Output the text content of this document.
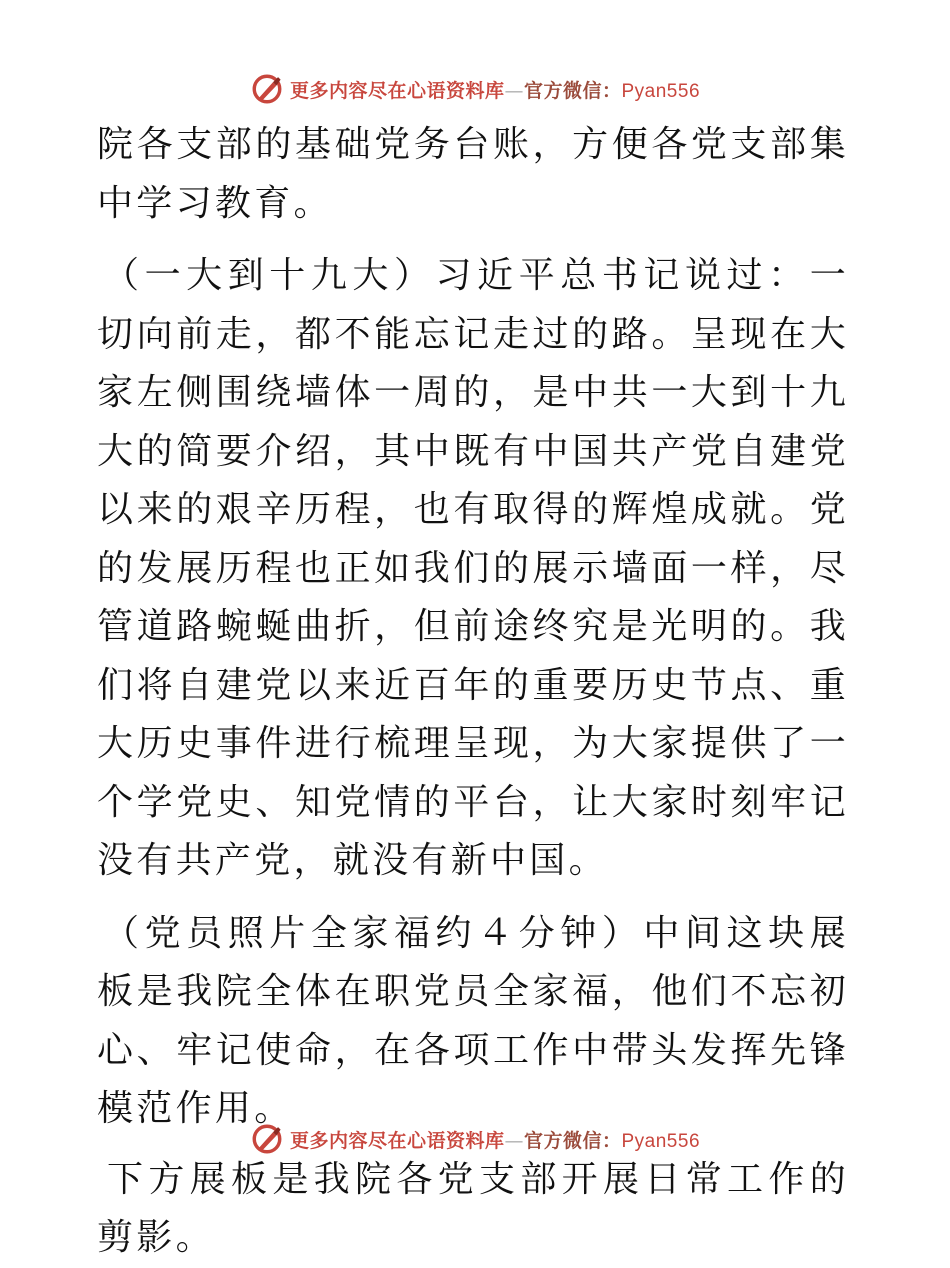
更多内容尽在心语资料库—官方微信：Pyan556

院各支部的基础党务台账，方便各党支部集中学习教育。

（一大到十九大）习近平总书记说过：一切向前走，都不能忘记走过的路。呈现在大家左侧围绕墙体一周的，是中共一大到十九大的简要介绍，其中既有中国共产党自建党以来的艰辛历程，也有取得的辉煌成就。党的发展历程也正如我们的展示墙面一样，尽管道路蜿蜒曲折，但前途终究是光明的。我们将自建党以来近百年的重要历史节点、重大历史事件进行梳理呈现，为大家提供了一个学党史、知党情的平台，让大家时刻牢记没有共产党，就没有新中国。

（党员照片全家福约４分钟）中间这块展板是我院全体在职党员全家福，他们不忘初心、牢记使命，在各项工作中带头发挥先锋模范作用。

下方展板是我院各党支部开展日常工作的剪影。

更多内容尽在心语资料库—官方微信：Pyan556
